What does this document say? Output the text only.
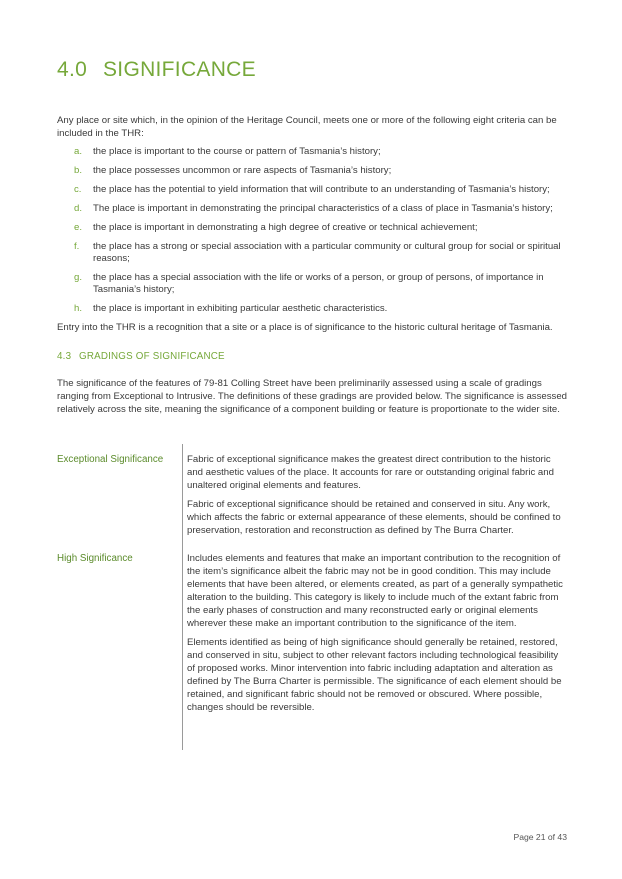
4.0 SIGNIFICANCE

Any place or site which, in the opinion of the Heritage Council, meets one or more of the following eight criteria can be included in the THR:

a. the place is important to the course or pattern of Tasmania’s history;
b. the place possesses uncommon or rare aspects of Tasmania’s history;
c. the place has the potential to yield information that will contribute to an understanding of Tasmania’s history;
d. The place is important in demonstrating the principal characteristics of a class of place in Tasmania’s history;
e. the place is important in demonstrating a high degree of creative or technical achievement;
f. the place has a strong or special association with a particular community or cultural group for social or spiritual reasons;
g. the place has a special association with the life or works of a person, or group of persons, of importance in Tasmania’s history;
h. the place is important in exhibiting particular aesthetic characteristics.

Entry into the THR is a recognition that a site or a place is of significance to the historic cultural heritage of Tasmania.

4.3 GRADINGS OF SIGNIFICANCE

The significance of the features of 79-81 Colling Street have been preliminarily assessed using a scale of gradings ranging from Exceptional to Intrusive. The definitions of these gradings are provided below. The significance is assessed relatively across the site, meaning the significance of a component building or feature is proportionate to the wider site.

Exceptional Significance	Fabric of exceptional significance makes the greatest direct contribution to the historic and aesthetic values of the place. It accounts for rare or outstanding original fabric and unaltered original elements and features.

Fabric of exceptional significance should be retained and conserved in situ. Any work, which affects the fabric or external appearance of these elements, should be confined to preservation, restoration and reconstruction as defined by The Burra Charter.

High Significance	Includes elements and features that make an important contribution to the recognition of the item’s significance albeit the fabric may not be in good condition. This may include elements that have been altered, or elements created, as part of a generally sympathetic alteration to the building. This category is likely to include much of the extant fabric from the early phases of construction and many reconstructed early or original elements wherever these make an important contribution to the significance of the item.

Elements identified as being of high significance should generally be retained, restored, and conserved in situ, subject to other relevant factors including technological feasibility of proposed works. Minor intervention into fabric including adaptation and alteration as defined by The Burra Charter is permissible. The significance of each element should be retained, and significant fabric should not be removed or obscured. Where possible, changes should be reversible.

Page 21 of 43
